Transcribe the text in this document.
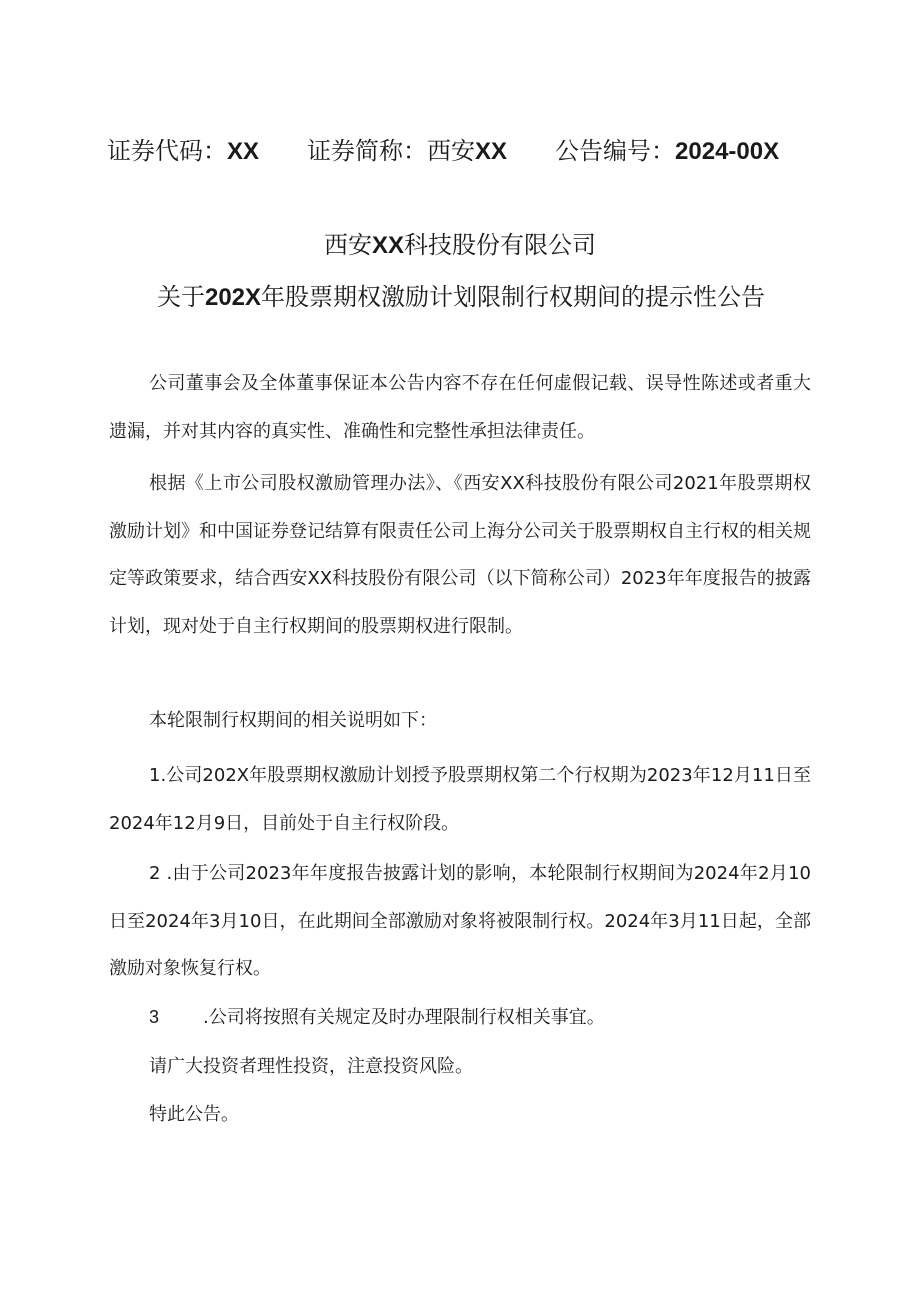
证券代码：XX 证券简称：西安XX 公告编号：2024-00X
西安XX科技股份有限公司
关于202X年股票期权激励计划限制行权期间的提示性公告
公司董事会及全体董事保证本公告内容不存在任何虚假记载、误导性陈述或者重大遗漏，并对其内容的真实性、准确性和完整性承担法律责任。
根据《上市公司股权激励管理办法》、《西安XX科技股份有限公司2021年股票期权激励计划》和中国证券登记结算有限责任公司上海分公司关于股票期权自主行权的相关规定等政策要求，结合西安XX科技股份有限公司（以下简称公司）2023年年度报告的披露计划，现对处于自主行权期间的股票期权进行限制。
本轮限制行权期间的相关说明如下：
1.公司202X年股票期权激励计划授予股票期权第二个行权期为2023年12月11日至2024年12月9日，目前处于自主行权阶段。
2 .由于公司2023年年度报告披露计划的影响，本轮限制行权期间为2024年2月10日至2024年3月10日，在此期间全部激励对象将被限制行权。2024年3月11日起，全部激励对象恢复行权。
3 .公司将按照有关规定及时办理限制行权相关事宜。
请广大投资者理性投资，注意投资风险。
特此公告。
